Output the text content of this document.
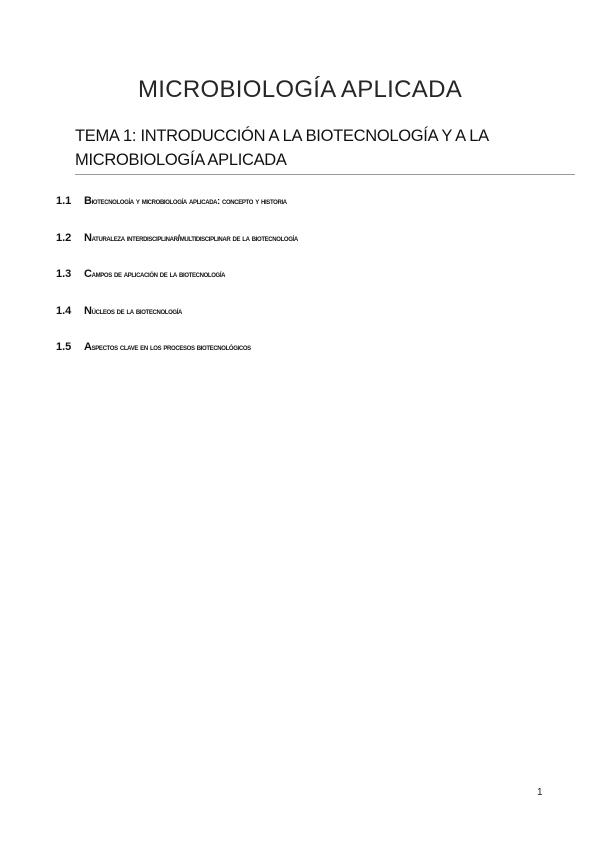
MICROBIOLOGÍA APLICADA
TEMA 1: INTRODUCCIÓN A LA BIOTECNOLOGÍA Y A LA
MICROBIOLOGÍA APLICADA
1.1	biotecnología y microbiología aplicada: concepto y historia
1.2	naturaleza interdisciplinar/multidisciplinar de la biotecnología
1.3	campos de aplicación de la biotecnología
1.4	núcleos de la biotecnología
1.5	aspectos clave en los procesos biotecnológicos
1
